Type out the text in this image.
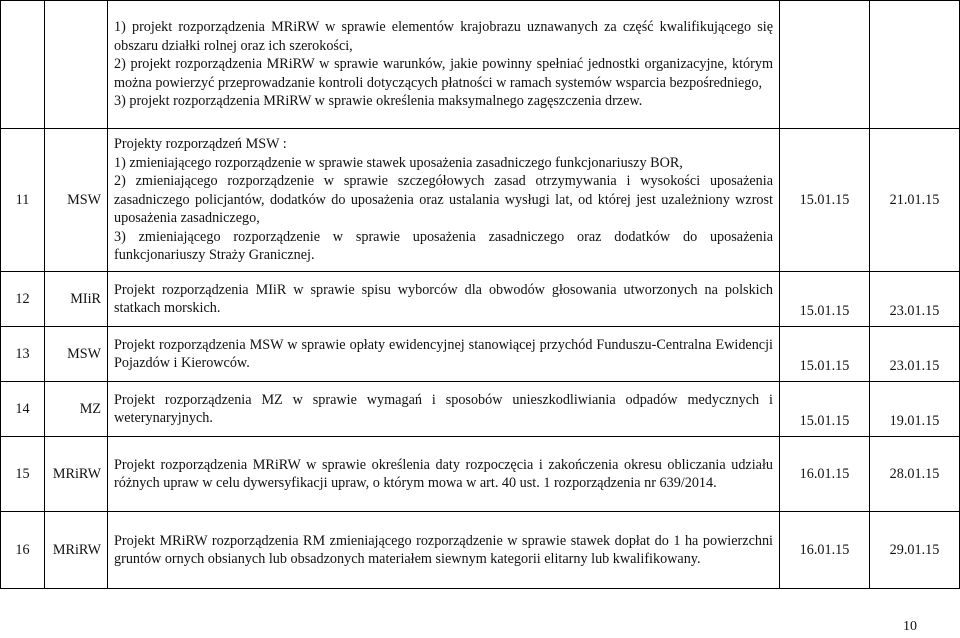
		1) projekt rozporządzenia MRiRW w sprawie elementów krajobrazu uznawanych za część kwalifikującego się obszaru działki rolnej oraz ich szerokości,
2) projekt rozporządzenia MRiRW w sprawie warunków, jakie powinny spełniać jednostki organizacyjne, którym można powierzyć przeprowadzanie kontroli dotyczących płatności w ramach systemów wsparcia bezpośredniego,
3) projekt rozporządzenia MRiRW w sprawie określenia maksymalnego zagęszczenia drzew.		

11	MSW	Projekty rozporządzeń MSW :
1) zmieniającego rozporządzenie w sprawie stawek uposażenia zasadniczego funkcjonariuszy BOR,
2) zmieniającego rozporządzenie w sprawie szczegółowych zasad otrzymywania i wysokości uposażenia zasadniczego policjantów, dodatków do uposażenia oraz ustalania wysługi lat, od której jest uzależniony wzrost uposażenia zasadniczego,
3) zmieniającego rozporządzenie w sprawie uposażenia zasadniczego oraz dodatków do uposażenia funkcjonariuszy Straży Granicznej.	15.01.15	21.01.15
12	MIiR	Projekt rozporządzenia MIiR w sprawie spisu wyborców dla obwodów głosowania utworzonych na polskich statkach morskich.	15.01.15	23.01.15
13	MSW	Projekt rozporządzenia MSW w sprawie opłaty ewidencyjnej stanowiącej przychód Funduszu-Centralna Ewidencji Pojazdów i Kierowców.	15.01.15	23.01.15
14	MZ	Projekt rozporządzenia MZ w sprawie wymagań i sposobów unieszkodliwiania odpadów medycznych i weterynaryjnych.	15.01.15	19.01.15
15	MRiRW	Projekt rozporządzenia MRiRW w sprawie określenia daty rozpoczęcia i zakończenia okresu obliczania udziału różnych upraw w celu dywersyfikacji upraw, o którym mowa w art. 40 ust. 1 rozporządzenia nr 639/2014.	16.01.15	28.01.15
16	MRiRW	Projekt MRiRW rozporządzenia RM zmieniającego rozporządzenie w sprawie stawek dopłat do 1 ha powierzchni gruntów ornych obsianych lub obsadzonych materiałem siewnym kategorii elitarny lub kwalifikowany.	16.01.15	29.01.15
10
